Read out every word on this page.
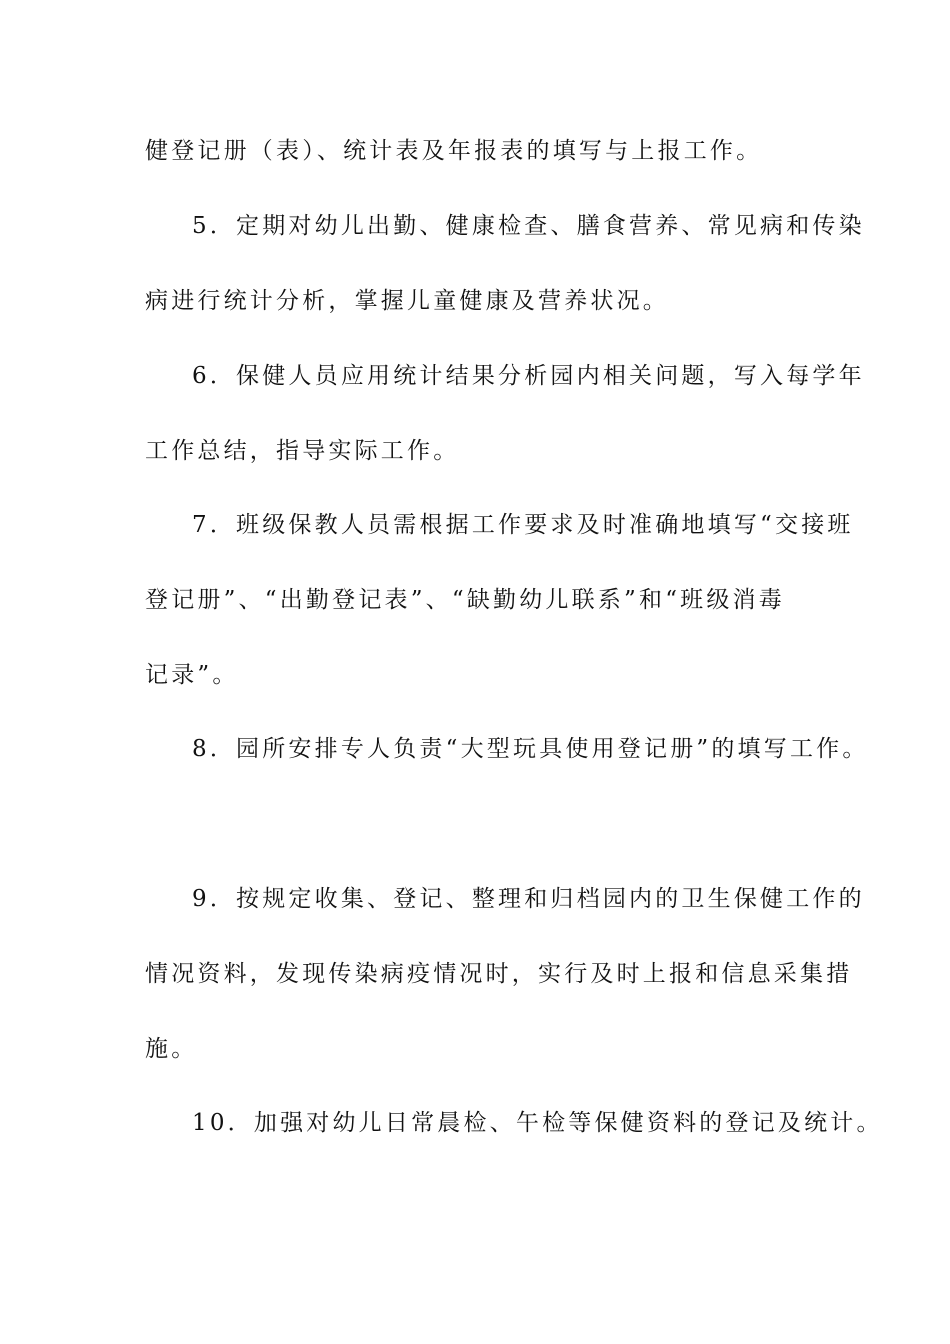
健登记册（表）、统计表及年报表的填写与上报工作。
5．定期对幼儿出勤、健康检查、膳食营养、常见病和传染
病进行统计分析，掌握儿童健康及营养状况。
6．保健人员应用统计结果分析园内相关问题，写入每学年
工作总结，指导实际工作。
7．班级保教人员需根据工作要求及时准确地填写“交接班
登记册”、“出勤登记表”、“缺勤幼儿联系”和“班级消毒
记录”。
8．园所安排专人负责“大型玩具使用登记册”的填写工作。
9．按规定收集、登记、整理和归档园内的卫生保健工作的
情况资料，发现传染病疫情况时，实行及时上报和信息采集措
施。
10．加强对幼儿日常晨检、午检等保健资料的登记及统计。
